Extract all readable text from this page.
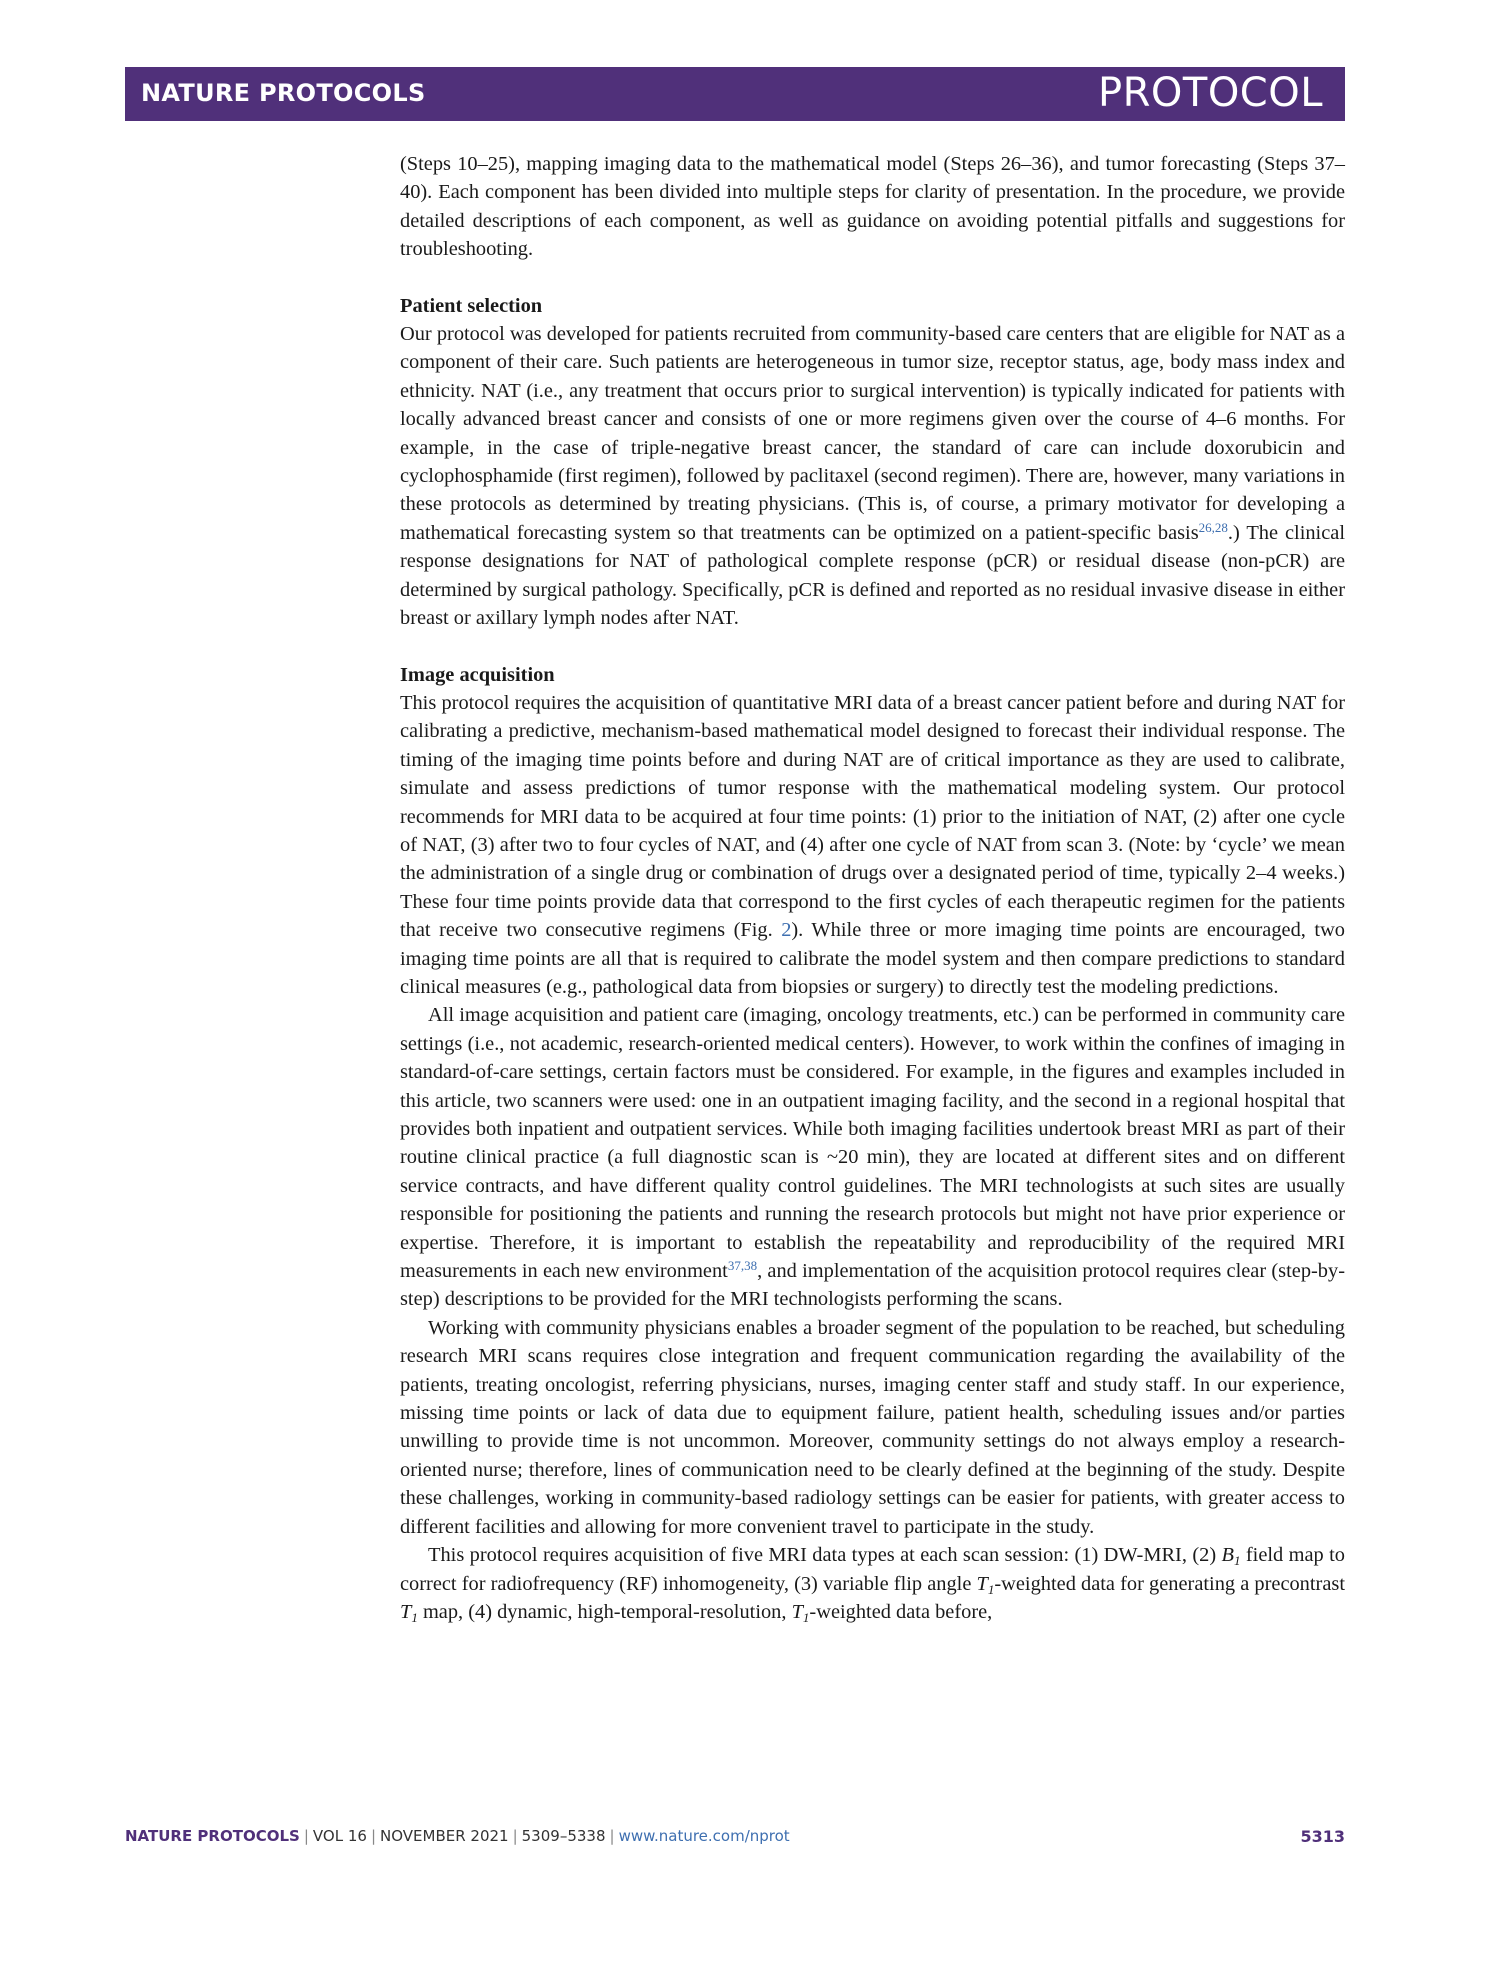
NATURE PROTOCOLS	PROTOCOL

(Steps 10–25), mapping imaging data to the mathematical model (Steps 26–36), and tumor forecasting (Steps 37–40). Each component has been divided into multiple steps for clarity of presentation. In the procedure, we provide detailed descriptions of each component, as well as guidance on avoiding potential pitfalls and suggestions for troubleshooting.

Patient selection

Our protocol was developed for patients recruited from community-based care centers that are eligible for NAT as a component of their care. Such patients are heterogeneous in tumor size, receptor status, age, body mass index and ethnicity. NAT (i.e., any treatment that occurs prior to surgical intervention) is typically indicated for patients with locally advanced breast cancer and consists of one or more regimens given over the course of 4–6 months. For example, in the case of triple-negative breast cancer, the standard of care can include doxorubicin and cyclophosphamide (first regimen), followed by paclitaxel (second regimen). There are, however, many variations in these protocols as determined by treating physicians. (This is, of course, a primary motivator for developing a mathematical forecasting system so that treatments can be optimized on a patient-specific basis$^{26,28}$.) The clinical response designations for NAT of pathological complete response (pCR) or residual disease (non-pCR) are determined by surgical pathology. Specifically, pCR is defined and reported as no residual invasive disease in either breast or axillary lymph nodes after NAT.

Image acquisition

This protocol requires the acquisition of quantitative MRI data of a breast cancer patient before and during NAT for calibrating a predictive, mechanism-based mathematical model designed to forecast their individual response. The timing of the imaging time points before and during NAT are of critical importance as they are used to calibrate, simulate and assess predictions of tumor response with the mathematical modeling system. Our protocol recommends for MRI data to be acquired at four time points: (1) prior to the initiation of NAT, (2) after one cycle of NAT, (3) after two to four cycles of NAT, and (4) after one cycle of NAT from scan 3. (Note: by ‘cycle’ we mean the administration of a single drug or combination of drugs over a designated period of time, typically 2–4 weeks.) These four time points provide data that correspond to the first cycles of each therapeutic regimen for the patients that receive two consecutive regimens (Fig. 2). While three or more imaging time points are encouraged, two imaging time points are all that is required to calibrate the model system and then compare predictions to standard clinical measures (e.g., pathological data from biopsies or surgery) to directly test the modeling predictions.

All image acquisition and patient care (imaging, oncology treatments, etc.) can be performed in community care settings (i.e., not academic, research-oriented medical centers). However, to work within the confines of imaging in standard-of-care settings, certain factors must be considered. For example, in the figures and examples included in this article, two scanners were used: one in an outpatient imaging facility, and the second in a regional hospital that provides both inpatient and outpatient services. While both imaging facilities undertook breast MRI as part of their routine clinical practice (a full diagnostic scan is ~20 min), they are located at different sites and on different service contracts, and have different quality control guidelines. The MRI technologists at such sites are usually responsible for positioning the patients and running the research protocols but might not have prior experience or expertise. Therefore, it is important to establish the repeatability and reproducibility of the required MRI measurements in each new environment$^{37,38}$, and implementation of the acquisition protocol requires clear (step-by-step) descriptions to be provided for the MRI technologists performing the scans.

Working with community physicians enables a broader segment of the population to be reached, but scheduling research MRI scans requires close integration and frequent communication regarding the availability of the patients, treating oncologist, referring physicians, nurses, imaging center staff and study staff. In our experience, missing time points or lack of data due to equipment failure, patient health, scheduling issues and/or parties unwilling to provide time is not uncommon. Moreover, community settings do not always employ a research-oriented nurse; therefore, lines of communication need to be clearly defined at the beginning of the study. Despite these challenges, working in community-based radiology settings can be easier for patients, with greater access to different facilities and allowing for more convenient travel to participate in the study.

This protocol requires acquisition of five MRI data types at each scan session: (1) DW-MRI, (2) $B_1$ field map to correct for radiofrequency (RF) inhomogeneity, (3) variable flip angle $T_1$-weighted data for generating a precontrast $T_1$ map, (4) dynamic, high-temporal-resolution, $T_1$-weighted data before,

NATURE PROTOCOLS | VOL 16 | NOVEMBER 2021 | 5309–5338 | www.nature.com/nprot	5313
